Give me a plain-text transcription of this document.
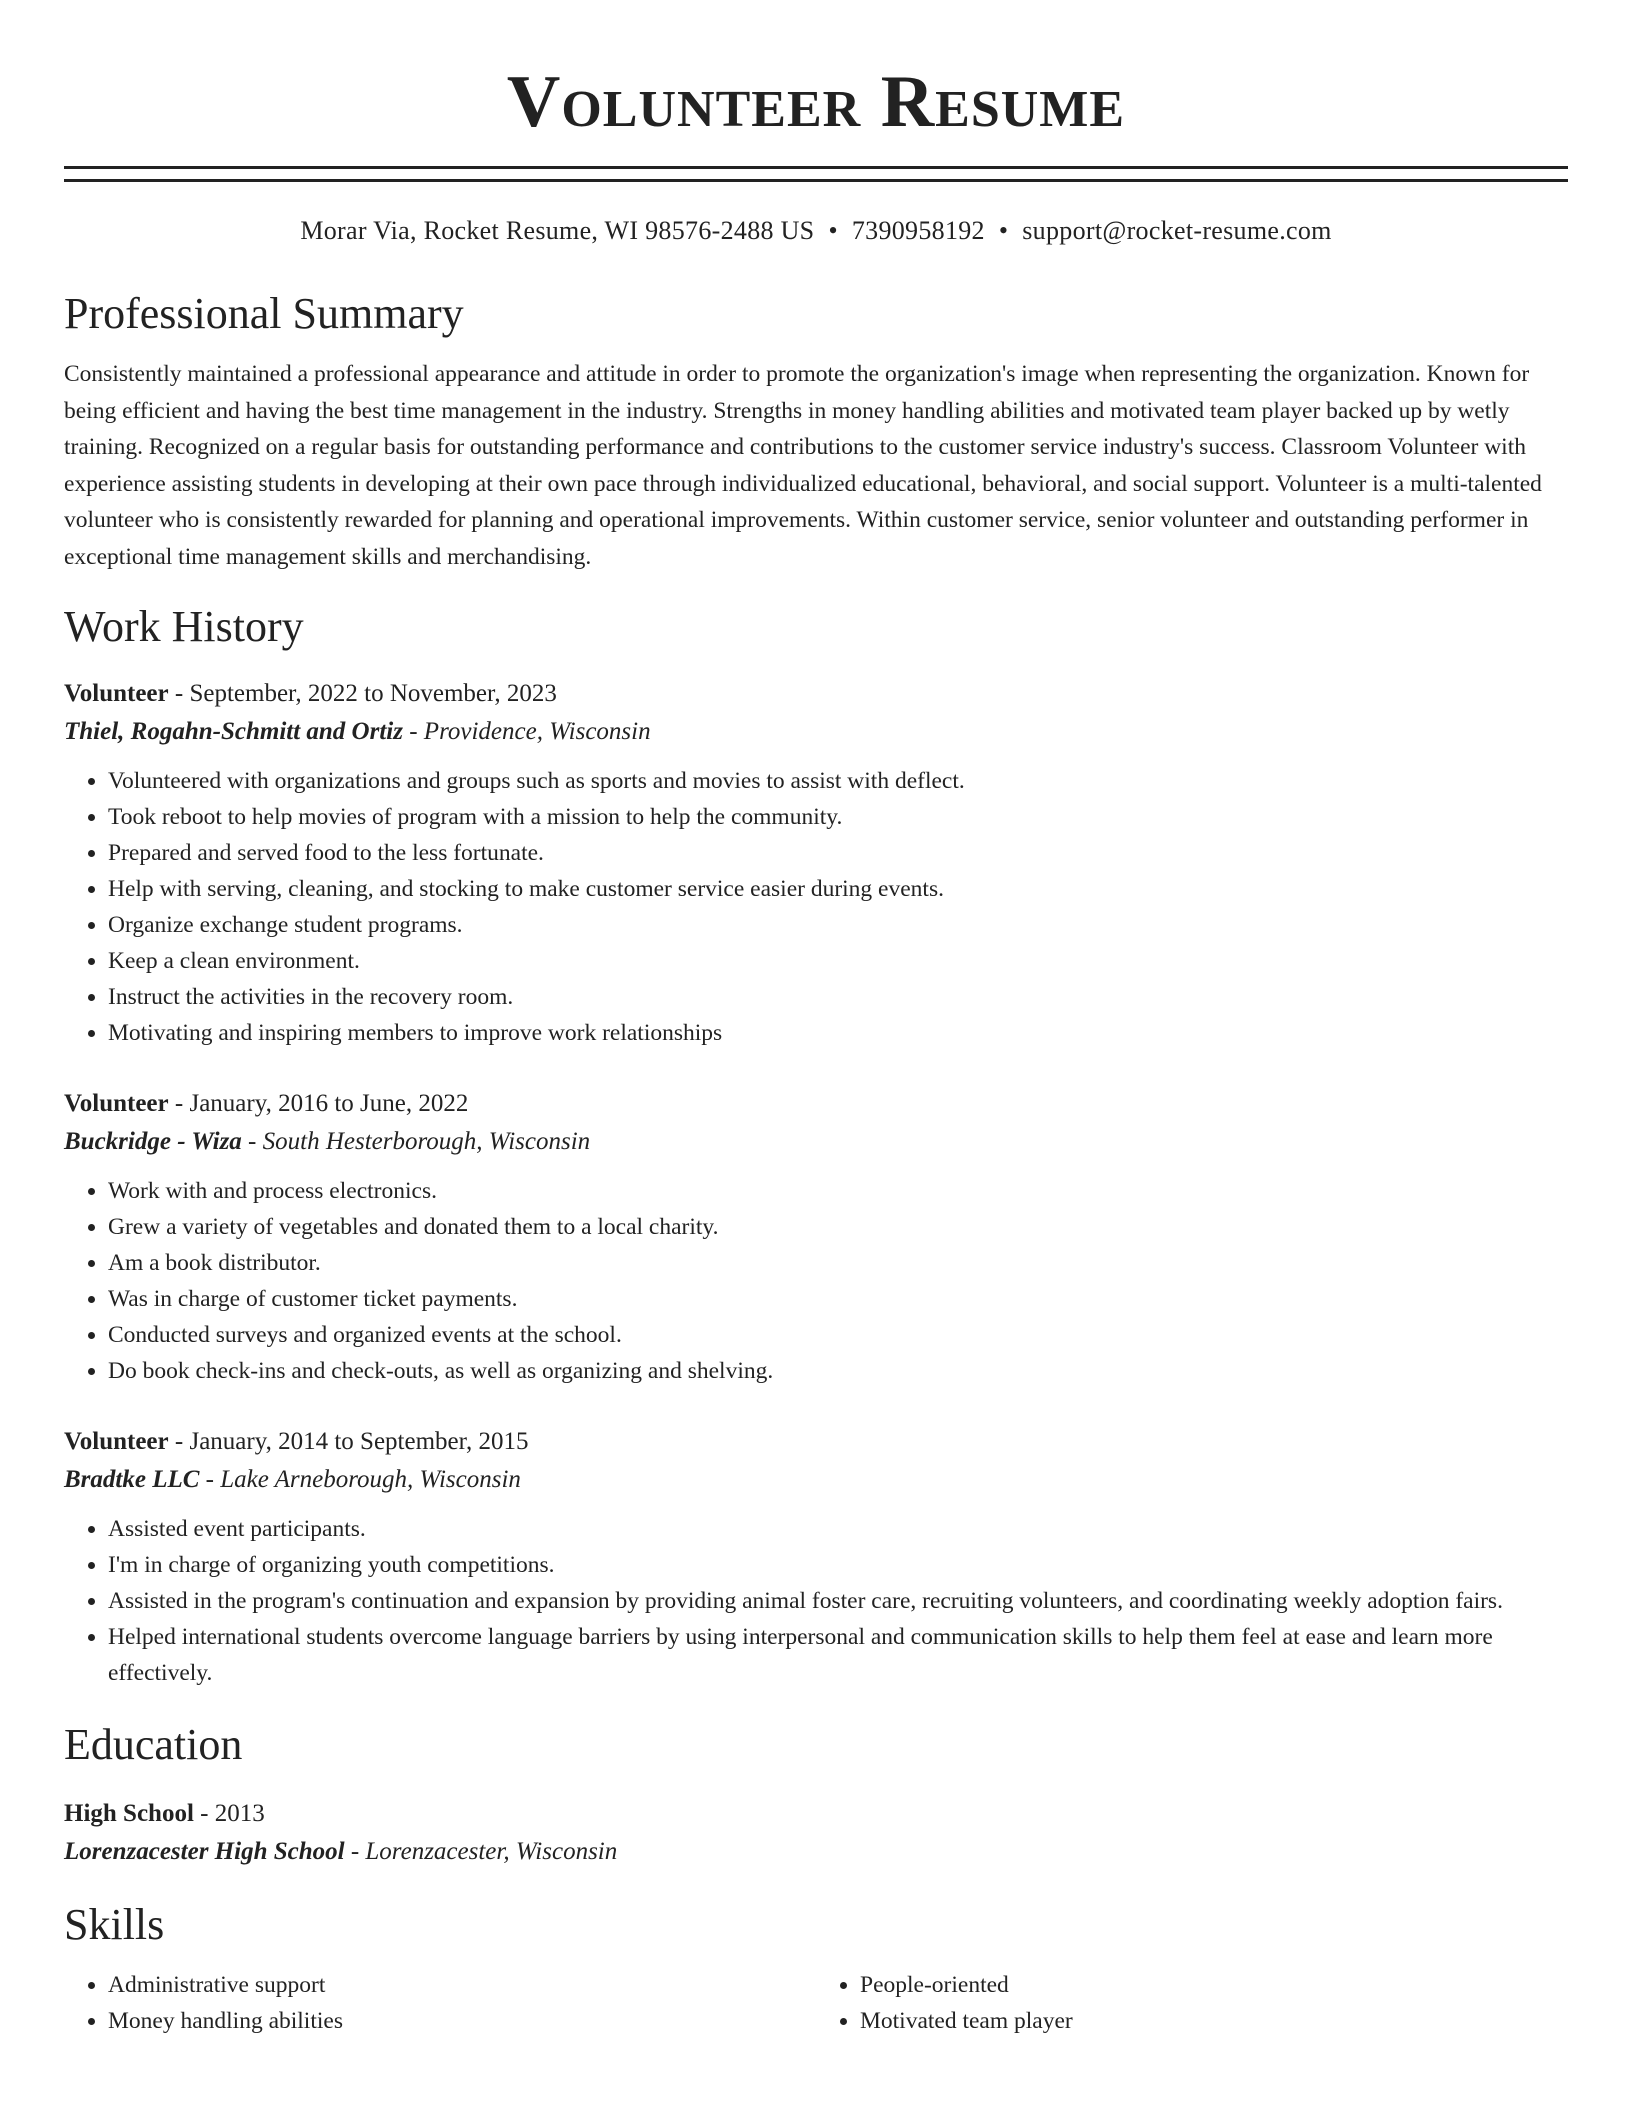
Volunteer Resume
Morar Via, Rocket Resume, WI 98576-2488 US • 7390958192 • support@rocket-resume.com
Professional Summary

Consistently maintained a professional appearance and attitude in order to promote the organization's image when representing the organization. Known for being efficient and having the best time management in the industry. Strengths in money handling abilities and motivated team player backed up by wetly training. Recognized on a regular basis for outstanding performance and contributions to the customer service industry's success. Classroom Volunteer with experience assisting students in developing at their own pace through individualized educational, behavioral, and social support. Volunteer is a multi-talented volunteer who is consistently rewarded for planning and operational improvements. Within customer service, senior volunteer and outstanding performer in exceptional time management skills and merchandising.

Work History
Volunteer - September, 2022 to November, 2023
Thiel, Rogahn-Schmitt and Ortiz - Providence, Wisconsin
• Volunteered with organizations and groups such as sports and movies to assist with deflect.
• Took reboot to help movies of program with a mission to help the community.
• Prepared and served food to the less fortunate.
• Help with serving, cleaning, and stocking to make customer service easier during events.
• Organize exchange student programs.
• Keep a clean environment.
• Instruct the activities in the recovery room.
• Motivating and inspiring members to improve work relationships
Volunteer - January, 2016 to June, 2022
Buckridge - Wiza - South Hesterborough, Wisconsin
• Work with and process electronics.
• Grew a variety of vegetables and donated them to a local charity.
• Am a book distributor.
• Was in charge of customer ticket payments.
• Conducted surveys and organized events at the school.
• Do book check-ins and check-outs, as well as organizing and shelving.
Volunteer - January, 2014 to September, 2015
Bradtke LLC - Lake Arneborough, Wisconsin
• Assisted event participants.
• I'm in charge of organizing youth competitions.
• Assisted in the program's continuation and expansion by providing animal foster care, recruiting volunteers, and coordinating weekly adoption fairs.
• Helped international students overcome language barriers by using interpersonal and communication skills to help them feel at ease and learn more effectively.
Education
High School - 2013
Lorenzacester High School - Lorenzacester, Wisconsin
Skills
• Administrative support
• Money handling abilities
• People-oriented
• Motivated team player
